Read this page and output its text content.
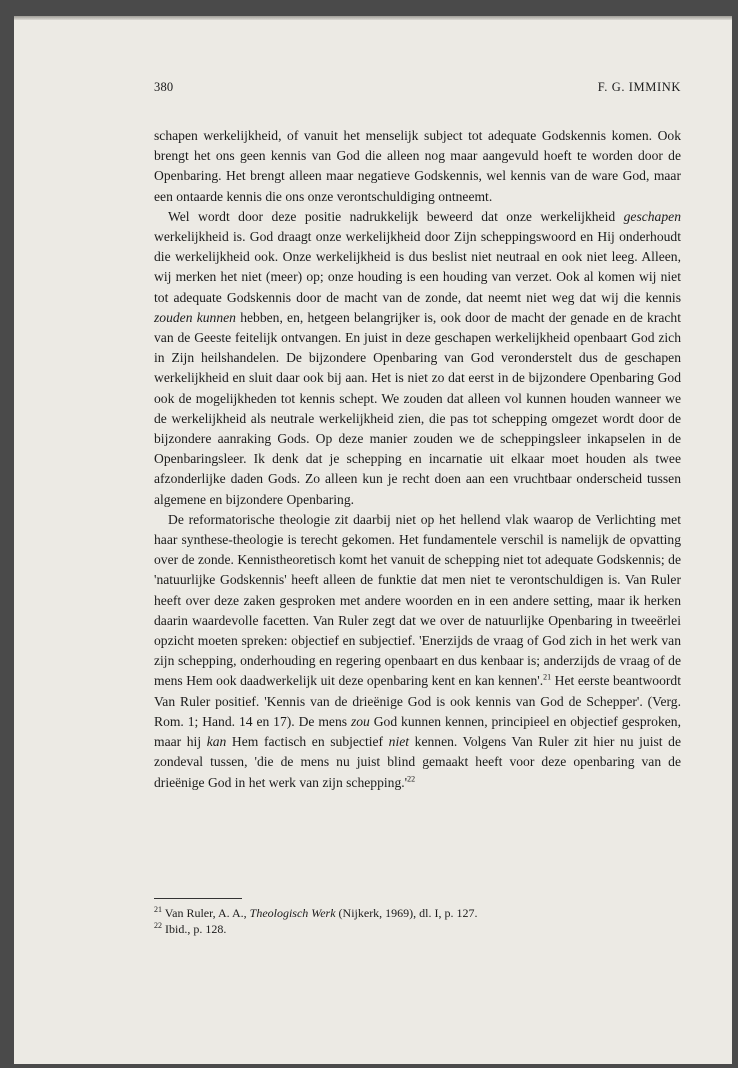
380	F. G. IMMINK

schapen werkelijkheid, of vanuit het menselijk subject tot adequate Godskennis komen. Ook brengt het ons geen kennis van God die alleen nog maar aangevuld hoeft te worden door de Openbaring. Het brengt alleen maar negatieve Godskennis, wel kennis van de ware God, maar een ontaarde kennis die ons onze verontschuldiging ontneemt.

Wel wordt door deze positie nadrukkelijk beweerd dat onze werkelijkheid geschapen werkelijkheid is. God draagt onze werkelijkheid door Zijn scheppingswoord en Hij onderhoudt die werkelijkheid ook. Onze werkelijkheid is dus beslist niet neutraal en ook niet leeg. Alleen, wij merken het niet (meer) op; onze houding is een houding van verzet. Ook al komen wij niet tot adequate Godskennis door de macht van de zonde, dat neemt niet weg dat wij die kennis zouden kunnen hebben, en, hetgeen belangrijker is, ook door de macht der genade en de kracht van de Geeste feitelijk ontvangen. En juist in deze geschapen werkelijkheid openbaart God zich in Zijn heilshandelen. De bijzondere Openbaring van God veronderstelt dus de geschapen werkelijkheid en sluit daar ook bij aan. Het is niet zo dat eerst in de bijzondere Openbaring God ook de mogelijkheden tot kennis schept. We zouden dat alleen vol kunnen houden wanneer we de werkelijkheid als neutrale werkelijkheid zien, die pas tot schepping omgezet wordt door de bijzondere aanraking Gods. Op deze manier zouden we de scheppingsleer inkapselen in de Openbaringsleer. Ik denk dat je schepping en incarnatie uit elkaar moet houden als twee afzonderlijke daden Gods. Zo alleen kun je recht doen aan een vruchtbaar onderscheid tussen algemene en bijzondere Openbaring.

De reformatorische theologie zit daarbij niet op het hellend vlak waarop de Verlichting met haar synthese-theologie is terecht gekomen. Het fundamentele verschil is namelijk de opvatting over de zonde. Kennistheoretisch komt het vanuit de schepping niet tot adequate Godskennis; de 'natuurlijke Godskennis' heeft alleen de funktie dat men niet te verontschuldigen is. Van Ruler heeft over deze zaken gesproken met andere woorden en in een andere setting, maar ik herken daarin waardevolle facetten. Van Ruler zegt dat we over de natuurlijke Openbaring in tweeërlei opzicht moeten spreken: objectief en subjectief. 'Enerzijds de vraag of God zich in het werk van zijn schepping, onderhouding en regering openbaart en dus kenbaar is; anderzijds de vraag of de mens Hem ook daadwerkelijk uit deze openbaring kent en kan kennen'.$^{21}$ Het eerste beantwoordt Van Ruler positief. 'Kennis van de drieënige God is ook kennis van God de Schepper'. (Verg. Rom. 1; Hand. 14 en 17). De mens zou God kunnen kennen, principieel en objectief gesproken, maar hij kan Hem factisch en subjectief niet kennen. Volgens Van Ruler zit hier nu juist de zondeval tussen, 'die de mens nu juist blind gemaakt heeft voor deze openbaring van de drieënige God in het werk van zijn $schepping.'^{22}$

$^{21}$ Van Ruler, A. A., Theologisch Werk (Nijkerk, 1969), dl. I, p. 127.

$^{22}$ Ibid., p. 128.
